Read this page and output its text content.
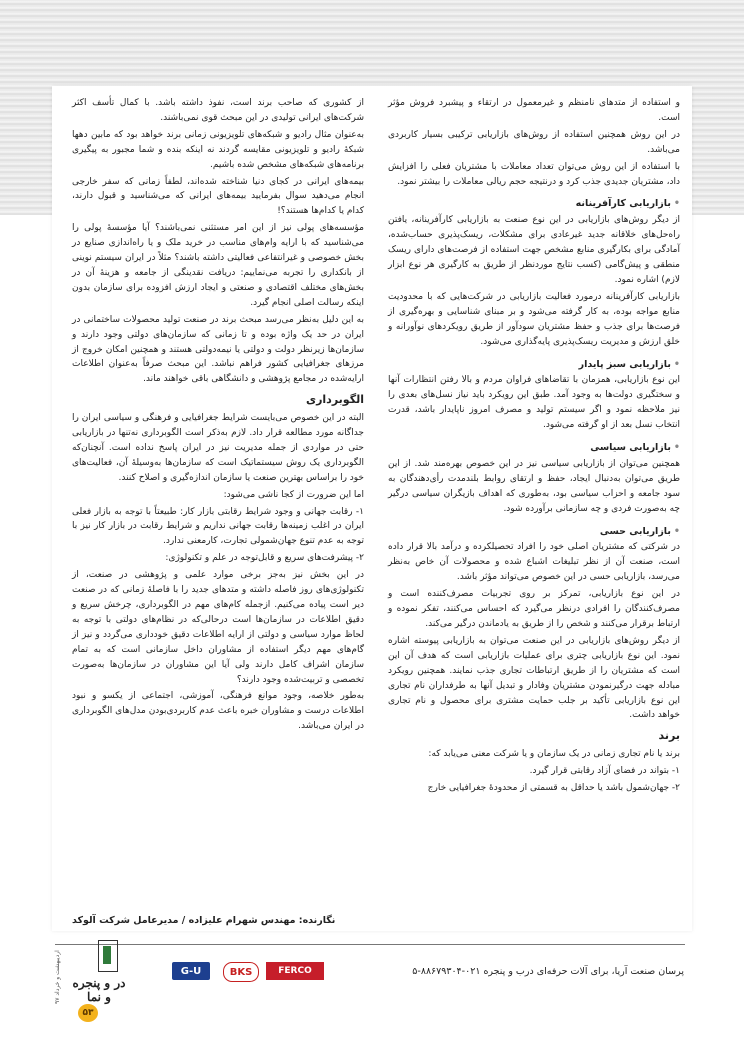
و استفاده از متدهای نامنظم و غیرمعمول در ارتقاء و پیشبرد فروش مؤثر است.

در این روش همچنین استفاده از روش‌های بازاریابی ترکیبی بسیار کاربردی می‌باشد.

با استفاده از این روش می‌توان تعداد معاملات با مشتریان فعلی را افزایش داد، مشتریان جدیدی جذب کرد و درنتیجه حجم ریالی معاملات را بیشتر نمود.

• بازاریابی کارآفرینانه

از دیگر روش‌های بازاریابی در این نوع صنعت به بازاریابی کارآفرینانه، یافتن راه‌حل‌های خلاقانه جدید غیرعادی برای مشکلات، ریسک‌پذیری حساب‌شده، آمادگی برای بکارگیری منابع مشخص جهت استفاده از فرصت‌های دارای ریسک منطقی و پیش‌گامی (کسب نتایج موردنظر از طریق به کارگیری هر نوع ابزار لازم) اشاره نمود.

بازاریابی کارآفرینانه درمورد فعالیت بازاریابی در شرکت‌هایی که با محدودیت منابع مواجه بوده، به کار گرفته می‌شود و بر مبنای شناسایی و بهره‌گیری از فرصت‌ها برای جذب و حفظ مشتریان سودآور از طریق رویکردهای نوآورانه و خلق ارزش و مدیریت ریسک‌پذیری پایه‌گذاری می‌شود.

• بازاریابی سبز پایدار

این نوع بازاریابی، همزمان با تقاضاهای فراوان مردم و بالا رفتن انتظارات آنها و سختگیری دولت‌ها به وجود آمد. طبق این رویکرد باید نیاز نسل‌های بعدی را نیز ملاحظه نمود و اگر سیستم تولید و مصرف امروز ناپایدار باشد، قدرت انتخاب نسل بعد از او گرفته می‌شود.

• بازاریابی سیاسی

همچنین می‌توان از بازاریابی سیاسی نیز در این خصوص بهره‌مند شد. از این طریق می‌توان به‌دنبال ایجاد، حفظ و ارتقای روابط بلندمدت رأی‌دهندگان به سود جامعه و احزاب سیاسی بود، به‌طوری که اهداف بازیگران سیاسی درگیر چه به‌صورت فردی و چه سازمانی برآورده شود.

• بازاریابی حسی

در شرکتی که مشتریان اصلی خود را افراد تحصیلکرده و درآمد بالا قرار داده است، صنعت آن از نظر تبلیغات اشباع شده و محصولات آن خاص به‌نظر می‌رسد، بازاریابی حسی در این خصوص می‌تواند مؤثر باشد.

در این نوع بازاریابی، تمرکز بر روی تجربیات مصرف‌کننده است و مصرف‌کنندگان را افرادی درنظر می‌گیرد که احساس می‌کنند، تفکر نموده و ارتباط برقرار می‌کنند و شخص را از طریق به یادماندن درگیر می‌کند.

از دیگر روش‌های بازاریابی در این صنعت می‌توان به بازاریابی پیوسته اشاره نمود. این نوع بازاریابی چتری برای عملیات بازاریابی است که هدف آن این است که مشتریان را از طریق ارتباطات تجاری جذب نمایند. همچنین رویکرد مبادله جهت درگیرنمودن مشتریان وفادار و تبدیل آنها به طرفداران نام تجاری این نوع بازاریابی تأکید بر جلب حمایت مشتری برای محصول و نام تجاری خواهد داشت.

برند

برند یا نام تجاری زمانی در یک سازمان و یا شرکت معنی می‌یابد که:

۱- بتواند در فضای آزاد رقابتی قرار گیرد.

۲- جهان‌شمول باشد یا حداقل به قسمتی از محدودهٔ جغرافیایی خارج

از کشوری که صاحب برند است، نفوذ داشته باشد. با کمال تأسف اکثر شرکت‌های ایرانی تولیدی در این مبحث قوی نمی‌باشند.

به‌عنوان مثال رادیو و شبکه‌های تلویزیونی زمانی برند خواهد بود که مابین دهها شبکهٔ رادیو و تلویزیونی مقایسه گردند نه اینکه بنده و شما مجبور به پیگیری برنامه‌های شبکه‌های مشخص شده باشیم.

بیمه‌های ایرانی در کجای دنیا شناخته شده‌اند، لطفاً زمانی که سفر خارجی انجام می‌دهید سوال بفرمایید بیمه‌های ایرانی که می‌شناسید و قبول دارند، کدام یا کدام‌ها هستند؟!

مؤسسه‌های پولی نیز از این امر مستثنی نمی‌باشند؟ آیا مؤسسهٔ پولی را می‌شناسید که با ارایه وام‌های مناسب در خرید ملک و یا راه‌اندازی صنایع در بخش خصوصی و غیرانتفاعی فعالیتی داشته باشند؟ مثلاً در ایران سیستم نوینی از بانکداری را تجربه می‌نماییم: دریافت نقدینگی از جامعه و هزینهٔ آن در بخش‌های مختلف اقتصادی و صنعتی و ایجاد ارزش افزوده برای سازمان بدون اینکه رسالت اصلی انجام گیرد.

به این دلیل به‌نظر می‌رسد مبحث برند در صنعت تولید محصولات ساختمانی در ایران در حد یک واژه بوده و تا زمانی که سازمان‌های دولتی وجود دارند و سازمان‌ها زیرنظر دولت و دولتی یا نیمه‌دولتی هستند و همچنین امکان خروج از مرزهای جغرافیایی کشور فراهم نباشد. این مبحث صرفاً به‌عنوان اطلاعات ارایه‌شده در مجامع پژوهشی و دانشگاهی باقی خواهند ماند.

الگوبرداری

البته در این خصوص می‌بایست شرایط جغرافیایی و فرهنگی و سیاسی ایران را جداگانه مورد مطالعه قرار داد. لازم به‌ذکر است الگوبرداری نه‌تنها در بازاریابی حتی در مواردی از جمله مدیریت نیز در ایران پاسخ نداده است. آنچنان‌که الگوبرداری یک روش سیستماتیک است که سازمان‌ها به‌وسیلهٔ آن، فعالیت‌های خود را براساس بهترین صنعت یا سازمان اندازه‌گیری و اصلاح کنند.

اما این ضرورت از کجا ناشی می‌شود:

۱- رقابت جهانی و وجود شرایط رقابتی بازار کار: طبیعتاً با توجه به بازار فعلی ایران در اغلب زمینه‌ها رقابت جهانی نداریم و شرایط رقابت در بازار کار نیز با توجه به عدم تنوع جهان‌شمولی تجارت، کارمعنی ندارد.

۲- پیشرفت‌های سریع و قابل‌توجه در علم و تکنولوژی:

در این بخش نیز به‌جز برخی موارد علمی و پژوهشی در صنعت، از تکنولوژی‌های روز فاصله داشته و متدهای جدید را با فاصلهٔ زمانی که در صنعت دیر است پیاده می‌کنیم. ازجمله کام‌های مهم در الگوبرداری، چرخش سریع و دقیق اطلاعات در سازمان‌ها است درحالی‌که در نظام‌های دولتی با توجه به لحاظ موارد سیاسی و دولتی از ارایه اطلاعات دقیق خودداری می‌گردد و نیز از گام‌های مهم دیگر استفاده از مشاوران داخل سازمانی است که به تمام سازمان اشراف کامل دارند ولی آیا این مشاوران در سازمان‌ها به‌صورت تخصصی و تربیت‌شده وجود دارند؟

به‌طور خلاصه، وجود موانع فرهنگی، آموزشی، اجتماعی از یکسو و نبود اطلاعات درست و مشاوران خبره باعث عدم کاربردی‌بودن مدل‌های الگوبرداری در ایران می‌باشد.

نگارنده: مهندس شهرام علیزاده / مدیرعامل شرکت آلوکد
پرسان صنعت آریا، برای آلات حرفه‌ای درب و پنجره ۰۲۱-۸۸۶۷۹۳۰۴-۵
G-U	BKS	FERCO
در و پنجره و نما
۵۳
اردیبهشت و خرداد ۹۷
